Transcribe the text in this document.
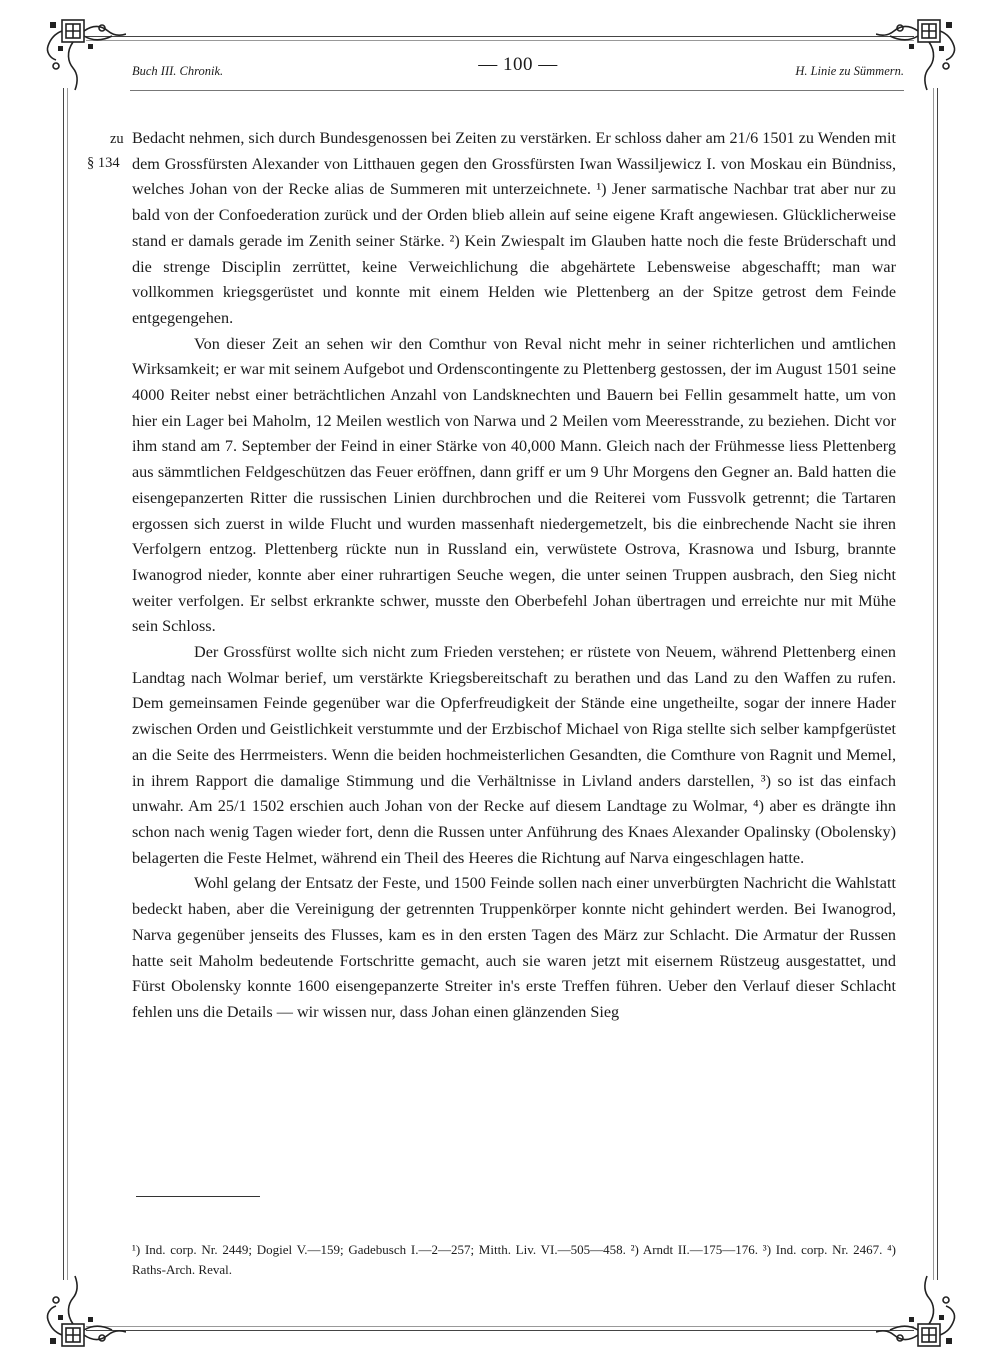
Buch III. Chronik.	— 100 —	H. Linie zu Sümmern.
zu
§ 134

Bedacht nehmen, sich durch Bundesgenossen bei Zeiten zu verstärken. Er schloss daher am 21/6 1501 zu Wenden mit dem Grossfürsten Alexander von Litthauen gegen den Grossfürsten Iwan Wassiljewicz I. von Moskau ein Bündniss, welches Johan von der Recke alias de Summeren mit unterzeichnete. ¹) Jener sarmatische Nachbar trat aber nur zu bald von der Confoederation zurück und der Orden blieb allein auf seine eigene Kraft angewiesen. Glücklicherweise stand er damals gerade im Zenith seiner Stärke. ²) Kein Zwiespalt im Glauben hatte noch die feste Brüderschaft und die strenge Disciplin zerrüttet, keine Verweichlichung die abgehärtete Lebensweise abgeschafft; man war vollkommen kriegsgerüstet und konnte mit einem Helden wie Plettenberg an der Spitze getrost dem Feinde entgegengehen.

Von dieser Zeit an sehen wir den Comthur von Reval nicht mehr in seiner richterlichen und amtlichen Wirksamkeit; er war mit seinem Aufgebot und Ordenscontingente zu Plettenberg gestossen, der im August 1501 seine 4000 Reiter nebst einer beträchtlichen Anzahl von Landsknechten und Bauern bei Fellin gesammelt hatte, um von hier ein Lager bei Maholm, 12 Meilen westlich von Narwa und 2 Meilen vom Meeresstrande, zu beziehen. Dicht vor ihm stand am 7. September der Feind in einer Stärke von 40,000 Mann. Gleich nach der Frühmesse liess Plettenberg aus sämmtlichen Feldgeschützen das Feuer eröffnen, dann griff er um 9 Uhr Morgens den Gegner an. Bald hatten die eisengepanzerten Ritter die russischen Linien durchbrochen und die Reiterei vom Fussvolk getrennt; die Tartaren ergossen sich zuerst in wilde Flucht und wurden massenhaft niedergemetzelt, bis die einbrechende Nacht sie ihren Verfolgern entzog. Plettenberg rückte nun in Russland ein, verwüstete Ostrova, Krasnowa und Isburg, brannte Iwanogrod nieder, konnte aber einer ruhrartigen Seuche wegen, die unter seinen Truppen ausbrach, den Sieg nicht weiter verfolgen. Er selbst erkrankte schwer, musste den Oberbefehl Johan übertragen und erreichte nur mit Mühe sein Schloss.

Der Grossfürst wollte sich nicht zum Frieden verstehen; er rüstete von Neuem, während Plettenberg einen Landtag nach Wolmar berief, um verstärkte Kriegsbereitschaft zu berathen und das Land zu den Waffen zu rufen. Dem gemeinsamen Feinde gegenüber war die Opferfreudigkeit der Stände eine ungetheilte, sogar der innere Hader zwischen Orden und Geistlichkeit verstummte und der Erzbischof Michael von Riga stellte sich selber kampfgerüstet an die Seite des Herrmeisters. Wenn die beiden hochmeisterlichen Gesandten, die Comthure von Ragnit und Memel, in ihrem Rapport die damalige Stimmung und die Verhältnisse in Livland anders darstellen, ³) so ist das einfach unwahr. Am 25/1 1502 erschien auch Johan von der Recke auf diesem Landtage zu Wolmar, ⁴) aber es drängte ihn schon nach wenig Tagen wieder fort, denn die Russen unter Anführung des Knaes Alexander Opalinsky (Obolensky) belagerten die Feste Helmet, während ein Theil des Heeres die Richtung auf Narva eingeschlagen hatte.

Wohl gelang der Entsatz der Feste, und 1500 Feinde sollen nach einer unverbürgten Nachricht die Wahlstatt bedeckt haben, aber die Vereinigung der getrennten Truppenkörper konnte nicht gehindert werden. Bei Iwanogrod, Narva gegenüber jenseits des Flusses, kam es in den ersten Tagen des März zur Schlacht. Die Armatur der Russen hatte seit Maholm bedeutende Fortschritte gemacht, auch sie waren jetzt mit eisernem Rüstzeug ausgestattet, und Fürst Obolensky konnte 1600 eisengepanzerte Streiter in's erste Treffen führen. Ueber den Verlauf dieser Schlacht fehlen uns die Details — wir wissen nur, dass Johan einen glänzenden Sieg

¹) Ind. corp. Nr. 2449; Dogiel V.—159; Gadebusch I.—2—257; Mitth. Liv. VI.—505—458. ²) Arndt II.—175—176. ³) Ind. corp. Nr. 2467. ⁴) Raths-Arch. Reval.
